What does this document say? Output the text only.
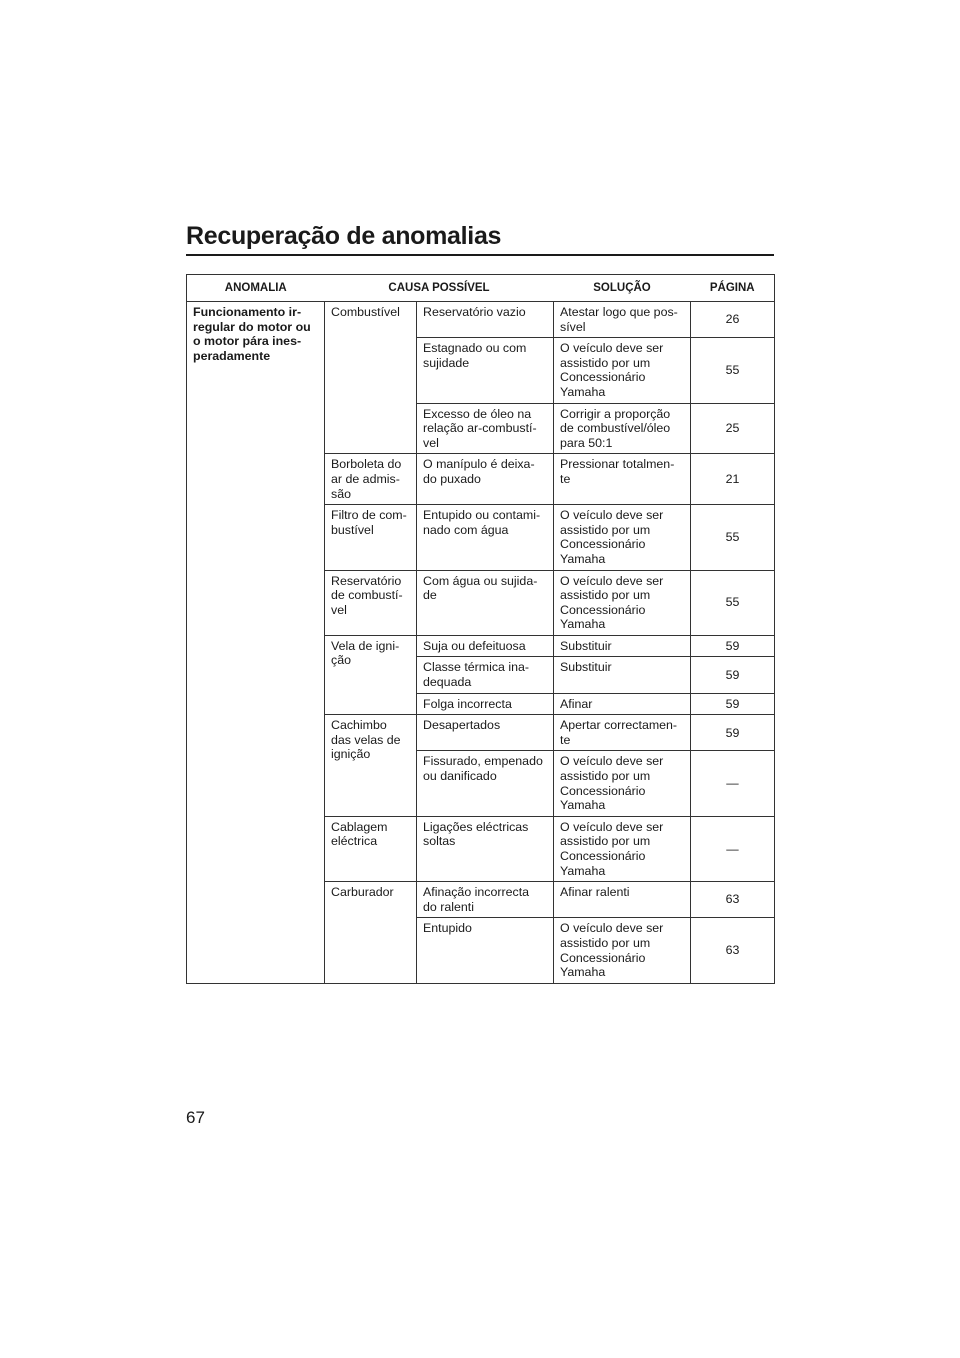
Recuperação de anomalias
ANOMALIA	CAUSA POSSÍVEL		SOLUÇÃO	PÁGINA
Funcionamento ir-
regular do motor ou
o motor pára ines-
peradamente	Combustível	Reservatório vazio	Atestar logo que pos-
sível	26
		Estagnado ou com
sujidade	O veículo deve ser
assistido por um
Concessionário
Yamaha	55
		Excesso de óleo na
relação ar-combustí-
vel	Corrigir a proporção
de combustível/óleo
para 50:1	25
	Borboleta do
ar de admis-
são	O manípulo é deixa-
do puxado	Pressionar totalmen-
te	21
	Filtro de com-
bustível	Entupido ou contami-
nado com água	O veículo deve ser
assistido por um
Concessionário
Yamaha	55
	Reservatório
de combustí-
vel	Com água ou sujida-
de	O veículo deve ser
assistido por um
Concessionário
Yamaha	55
	Vela de igni-
ção	Suja ou defeituosa	Substituir	59
		Classe térmica ina-
dequada	Substituir	59
		Folga incorrecta	Afinar	59
	Cachimbo
das velas de
ignição	Desapertados	Apertar correctamen-
te	59
		Fissurado, empenado
ou danificado	O veículo deve ser
assistido por um
Concessionário
Yamaha	—
	Cablagem
eléctrica	Ligações eléctricas
soltas	O veículo deve ser
assistido por um
Concessionário
Yamaha	—
	Carburador	Afinação incorrecta
do ralenti	Afinar ralenti	63
		Entupido	O veículo deve ser
assistido por um
Concessionário
Yamaha	63

67
